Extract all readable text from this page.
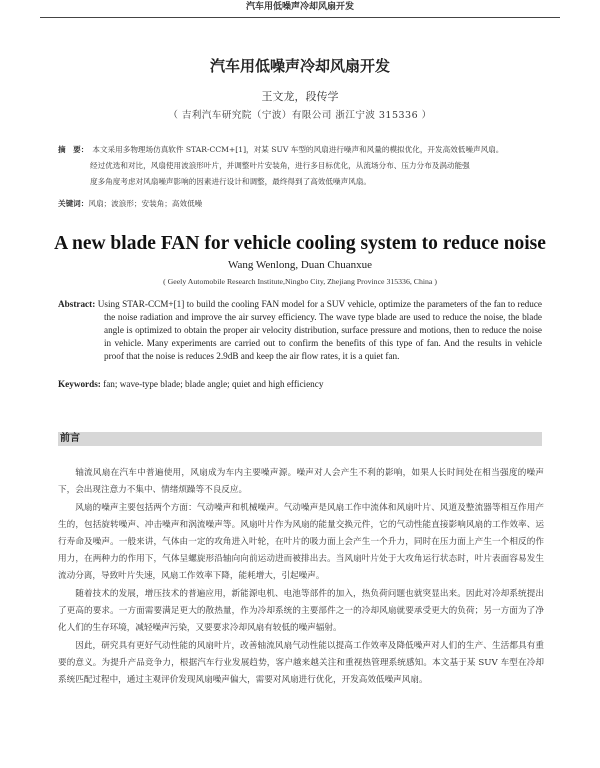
汽车用低噪声冷却风扇开发
汽车用低噪声冷却风扇开发
王文龙，段传学
（ 吉利汽车研究院（宁波）有限公司 浙江宁波 315336 ）
摘　要： 本文采用多物理场仿真软件 STAR-CCM+[1]，对某 SUV 车型的风扇进行噪声和风量的模拟优化，开发高效低噪声风扇。
经过优选和对比，风扇使用波浪形叶片，并调整叶片安装角，进行多目标优化，从流场分布、压力分布及涡动能强
度多角度考虑对风扇噪声影响的因素进行设计和调整，最终得到了高效低噪声风扇。
关键词：风扇；波浪形；安装角；高效低噪
A new blade FAN for vehicle cooling system to reduce noise
Wang Wenlong, Duan Chuanxue
( Geely Automobile Research Institute,Ningbo City, Zhejiang Province 315336, China )
Abstract: Using STAR-CCM+[1] to build the cooling FAN model for a SUV vehicle, optimize the parameters of the fan to reduce the noise radiation and improve the air survey efficiency. The wave type blade are used to reduce the noise, the blade angle is optimized to obtain the proper air velocity distribution, surface pressure and motions, then to reduce the noise in vehicle. Many experiments are carried out to confirm the benefits of this type of fan. And the results in vehicle proof that the noise is reduces 2.9dB and keep the air flow rates, it is a quiet fan.
Keywords: fan; wave-type blade; blade angle; quiet and high efficiency
前言

轴流风扇在汽车中普遍使用，风扇成为车内主要噪声源。噪声对人会产生不利的影响，如果人长时间处在相当强度的噪声下，会出现注意力不集中、情绪烦躁等不良反应。

风扇的噪声主要包括两个方面：气动噪声和机械噪声。气动噪声是风扇工作中流体和风扇叶片、风道及整流器等相互作用产生的，包括旋转噪声、冲击噪声和涡流噪声等。风扇叶片作为风扇的能量交换元件，它的气动性能直接影响风扇的工作效率、运行寿命及噪声。一般来讲，气体由一定的攻角进入叶轮，在叶片的吸力面上会产生一个升力，同时在压力面上产生一个相反的作用力，在两种力的作用下，气体呈螺旋形沿轴向向前运动进而被排出去。当风扇叶片处于大攻角运行状态时，叶片表面容易发生流动分离，导致叶片失速，风扇工作效率下降，能耗增大，引起噪声。

随着技术的发展，增压技术的普遍应用，新能源电机、电池等部件的加入，热负荷问题也就突显出来。因此对冷却系统提出了更高的要求。一方面需要满足更大的散热量，作为冷却系统的主要部件之一的冷却风扇就要承受更大的负荷；另一方面为了净化人们的生存环境，减轻噪声污染，又要要求冷却风扇有较低的噪声辐射。

因此，研究具有更好气动性能的风扇叶片，改善轴流风扇气动性能以提高工作效率及降低噪声对人们的生产、生活都具有重要的意义。为提升产品竞争力，根据汽车行业发展趋势，客户越来越关注和重视热管理系统感知。本文基于某 SUV 车型在冷却系统匹配过程中，通过主观评价发现风扇噪声偏大，需要对风扇进行优化，开发高效低噪声风扇。
